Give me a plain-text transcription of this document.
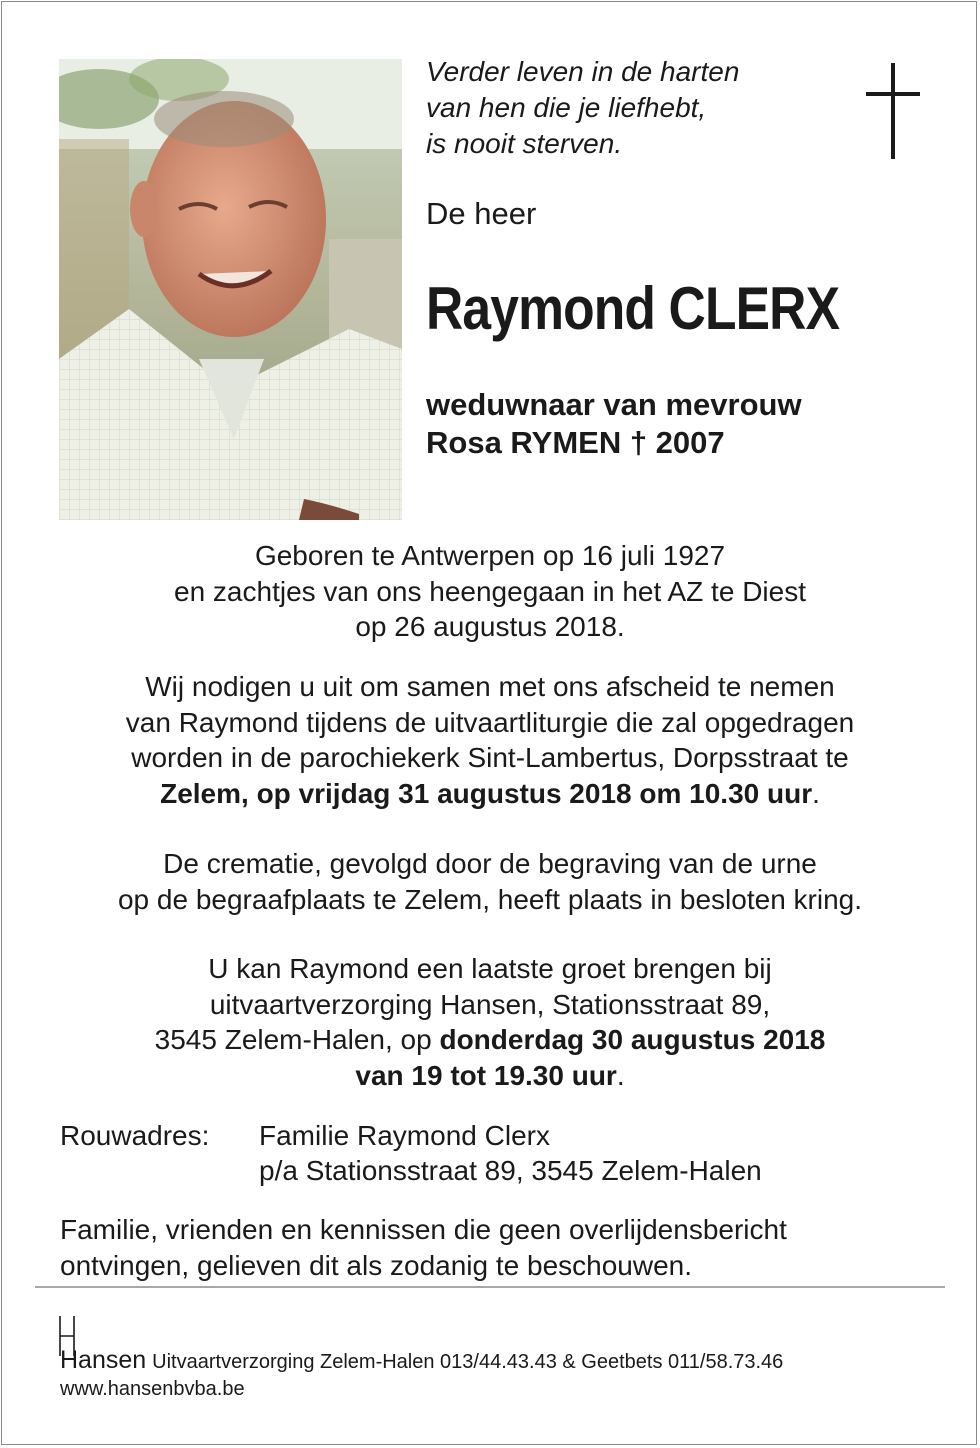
Verder leven in de harten
van hen die je liefhebt,
is nooit sterven.
De heer
Raymond CLERX
weduwnaar van mevrouw
Rosa RYMEN † 2007

Geboren te Antwerpen op 16 juli 1927

en zachtjes van ons heengegaan in het AZ te Diest

op 26 augustus 2018.

Wij nodigen u uit om samen met ons afscheid te nemen

van Raymond tijdens de uitvaartliturgie die zal opgedragen

worden in de parochiekerk Sint-Lambertus, Dorpsstraat te

Zelem, op vrijdag 31 augustus 2018 om 10.30 uur.

De crematie, gevolgd door de begraving van de urne

op de begraafplaats te Zelem, heeft plaats in besloten kring.

U kan Raymond een laatste groet brengen bij

uitvaartverzorging Hansen, Stationsstraat 89,

3545 Zelem-Halen, op donderdag 30 augustus 2018

van 19 tot 19.30 uur.

Rouwadres: Familie Raymond Clerx
p/a Stationsstraat 89, 3545 Zelem-Halen
Familie, vrienden en kennissen die geen overlijdensbericht
ontvingen, gelieven dit als zodanig te beschouwen.
Hansen Uitvaartverzorging Zelem-Halen 013/44.43.43 & Geetbets 011/58.73.46
www.hansenbvba.be
